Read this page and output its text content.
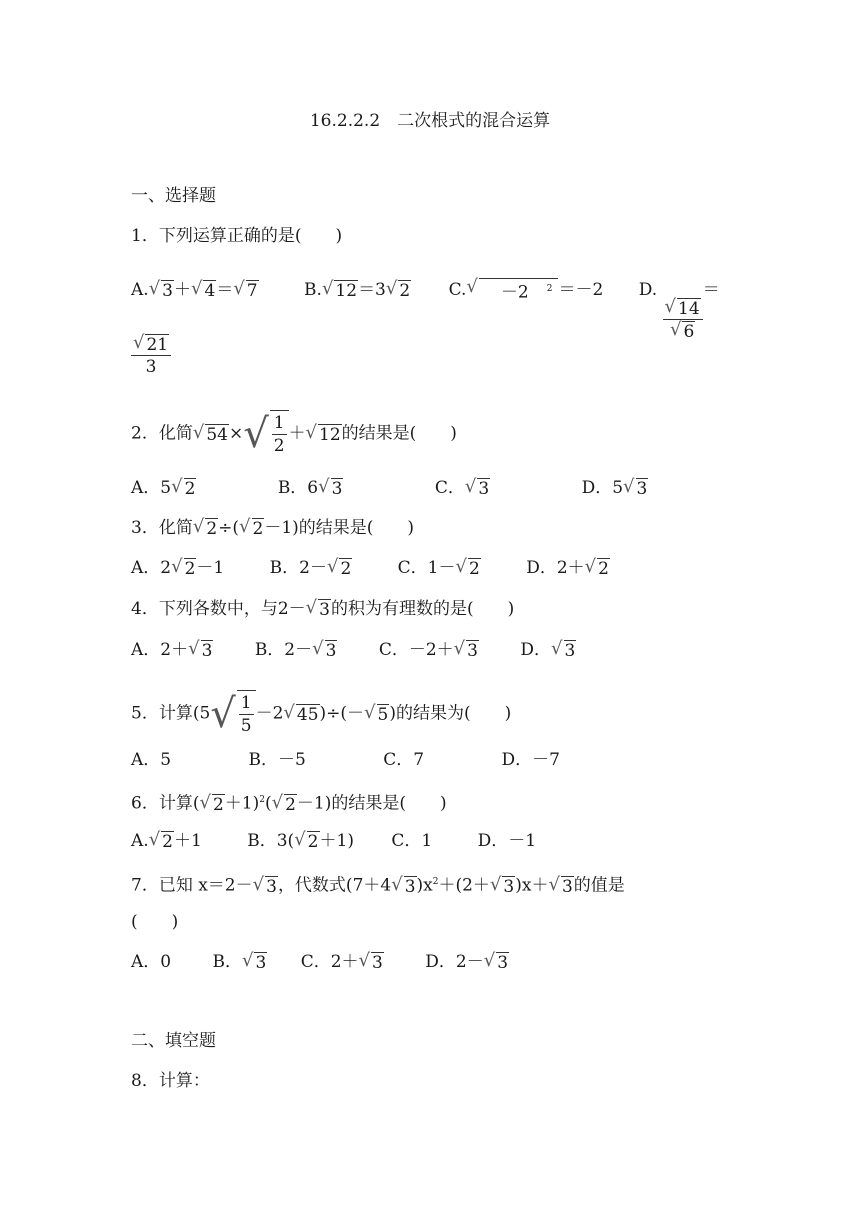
16.2.2.2　二次根式的混合运算
一、选择题
1．下列运算正确的是(　　)
A. √ 3 ＋ √ 4 ＝ √ 7	B. √ 12 ＝3 √ 2 C. √	－2 $^2$ ＝－2 D.
$\frac{√ 14}{√ 6}$
＝
$\frac{√ 21}{3}$
2．化简 √ 54 × √ $\frac{1}{2}$ ＋ √ 12 的结果是(　　)
A．5 √ 2	B．6 √ 3	C． √ 3	D．5 √ 3
3．化简 √ 2 ÷( √ 2 －1)的结果是(　　)
A．2 √ 2 －1	B．2－ √ 2	C．1－ √ 2	D．2＋ √ 2
4．下列各数中，与2－ √ 3 的积为有理数的是(　　)
A．2＋ √ 3 B．2－ √ 3 C．－2＋ √ 3 D． √ 3
5．计算(5 √ $\frac{1}{5} -2$ √ 45 )÷(－ √ 5 )的结果为(　　)
A．5	B．－5	C．7	D．－7
6．计算( √ 2 ＋1)$^2$( √ 2 －1)的结果是(　　)
A. √ 2 ＋1	B．3( √ 2 ＋1) C．1	D．－1
7．已知 x＝2－ √ 3 ，代数式(7＋4 √ 3 )$x^2+(2+$ √ 3 )x＋ √ 3 的值是
(　　)
A．0 B． √ 3 C．2＋ √ 3 D．2－ √ 3
二、填空题
8．计算：
